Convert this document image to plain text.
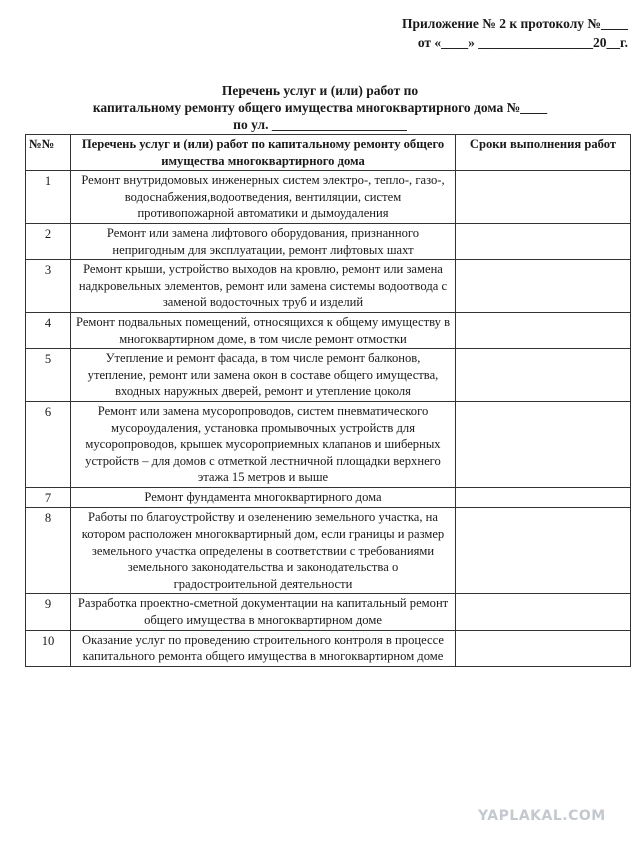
Приложение № 2 к протоколу №____
от «____» _________________20__г.
Перечень услуг и (или) работ по
капитальному ремонту общего имущества многоквартирного дома №____
по ул. ____________________
№№	Перечень услуг и (или) работ по капитальному ремонту общего имущества многоквартирного дома	Сроки выполнения работ
1	Ремонт внутридомовых инженерных систем электро-, тепло-, газо-, водоснабжения,водоотведения, вентиляции, систем противопожарной автоматики и дымоудаления	
2	Ремонт или замена лифтового оборудования, признанного непригодным для эксплуатации, ремонт лифтовых шахт	
3	Ремонт крыши, устройство выходов на кровлю, ремонт или замена надкровельных элементов, ремонт или замена системы водоотвода с заменой водосточных труб и изделий	
4	Ремонт подвальных помещений, относящихся к общему имуществу в многоквартирном доме, в том числе ремонт отмостки	
5	Утепление и ремонт фасада, в том числе ремонт балконов, утепление, ремонт или замена окон в составе общего имущества, входных наружных дверей, ремонт и утепление цоколя	
6	Ремонт или замена мусоропроводов, систем пневматического мусороудаления, установка промывочных устройств для мусоропроводов, крышек мусороприемных клапанов и шиберных устройств – для домов с отметкой лестничной площадки верхнего этажа 15 метров и выше	
7	Ремонт фундамента многоквартирного дома	
8	Работы по благоустройству и озеленению земельного участка, на котором расположен многоквартирный дом, если границы и размер земельного участка определены в соответствии с требованиями земельного законодательства и законодательства о градостроительной деятельности	
9	Разработка проектно-сметной документации на капитальный ремонт общего имущества в многоквартирном доме	
10	Оказание услуг по проведению строительного контроля в процессе капитального ремонта общего имущества в многоквартирном доме	
YAPLAKAL.COM
